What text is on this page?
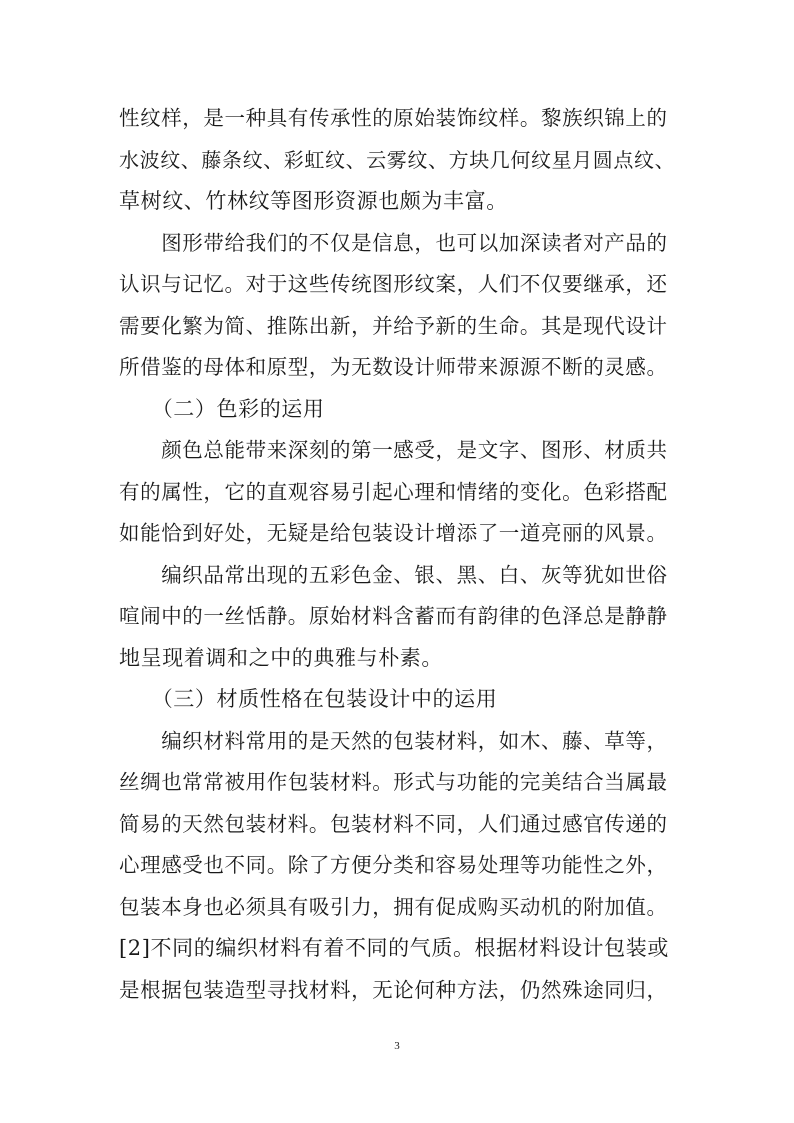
性纹样，是一种具有传承性的原始装饰纹样。黎族织锦上的
水波纹、藤条纹、彩虹纹、云雾纹、方块几何纹星月圆点纹、
草树纹、竹林纹等图形资源也颇为丰富。
　　图形带给我们的不仅是信息，也可以加深读者对产品的
认识与记忆。对于这些传统图形纹案，人们不仅要继承，还
需要化繁为简、推陈出新，并给予新的生命。其是现代设计
所借鉴的母体和原型，为无数设计师带来源源不断的灵感。
　　（二）色彩的运用
　　颜色总能带来深刻的第一感受，是文字、图形、材质共
有的属性，它的直观容易引起心理和情绪的变化。色彩搭配
如能恰到好处，无疑是给包装设计增添了一道亮丽的风景。
　　编织品常出现的五彩色金、银、黑、白、灰等犹如世俗
喧闹中的一丝恬静。原始材料含蓄而有韵律的色泽总是静静
地呈现着调和之中的典雅与朴素。
　　（三）材质性格在包装设计中的运用
　　编织材料常用的是天然的包装材料，如木、藤、草等，
丝绸也常常被用作包装材料。形式与功能的完美结合当属最
简易的天然包装材料。包装材料不同，人们通过感官传递的
心理感受也不同。除了方便分类和容易处理等功能性之外，
包装本身也必须具有吸引力，拥有促成购买动机的附加值。
[2]不同的编织材料有着不同的气质。根据材料设计包装或
是根据包装造型寻找材料，无论何种方法，仍然殊途同归，
3
